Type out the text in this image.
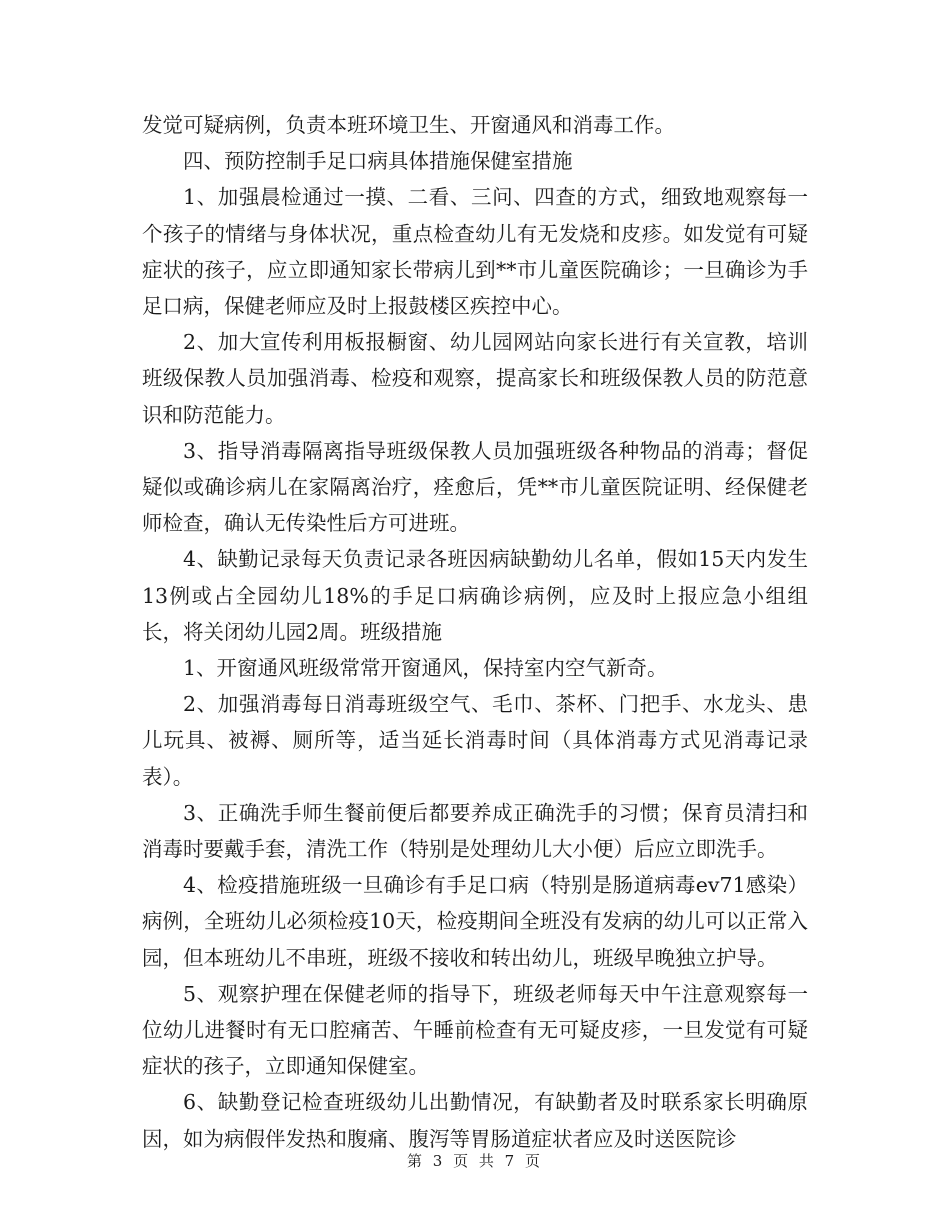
发觉可疑病例，负责本班环境卫生、开窗通风和消毒工作。

四、预防控制手足口病具体措施保健室措施

1、加强晨检通过一摸、二看、三问、四查的方式，细致地观察每一个孩子的情绪与身体状况，重点检查幼儿有无发烧和皮疹。如发觉有可疑症状的孩子，应立即通知家长带病儿到**市儿童医院确诊；一旦确诊为手足口病，保健老师应及时上报鼓楼区疾控中心。

2、加大宣传利用板报橱窗、幼儿园网站向家长进行有关宣教，培训班级保教人员加强消毒、检疫和观察，提高家长和班级保教人员的防范意识和防范能力。

3、指导消毒隔离指导班级保教人员加强班级各种物品的消毒；督促疑似或确诊病儿在家隔离治疗，痊愈后，凭**市儿童医院证明、经保健老师检查，确认无传染性后方可进班。

4、缺勤记录每天负责记录各班因病缺勤幼儿名单，假如15天内发生13例或占全园幼儿18%的手足口病确诊病例，应及时上报应急小组组长，将关闭幼儿园2周。班级措施

1、开窗通风班级常常开窗通风，保持室内空气新奇。

2、加强消毒每日消毒班级空气、毛巾、茶杯、门把手、水龙头、患儿玩具、被褥、厕所等，适当延长消毒时间（具体消毒方式见消毒记录表）。

3、正确洗手师生餐前便后都要养成正确洗手的习惯；保育员清扫和消毒时要戴手套，清洗工作（特别是处理幼儿大小便）后应立即洗手。

4、检疫措施班级一旦确诊有手足口病（特别是肠道病毒ev71感染）病例，全班幼儿必须检疫10天，检疫期间全班没有发病的幼儿可以正常入园，但本班幼儿不串班，班级不接收和转出幼儿，班级早晚独立护导。

5、观察护理在保健老师的指导下，班级老师每天中午注意观察每一位幼儿进餐时有无口腔痛苦、午睡前检查有无可疑皮疹，一旦发觉有可疑症状的孩子，立即通知保健室。

6、缺勤登记检查班级幼儿出勤情况，有缺勤者及时联系家长明确原因，如为病假伴发热和腹痛、腹泻等胃肠道症状者应及时送医院诊

第 3 页 共 7 页
